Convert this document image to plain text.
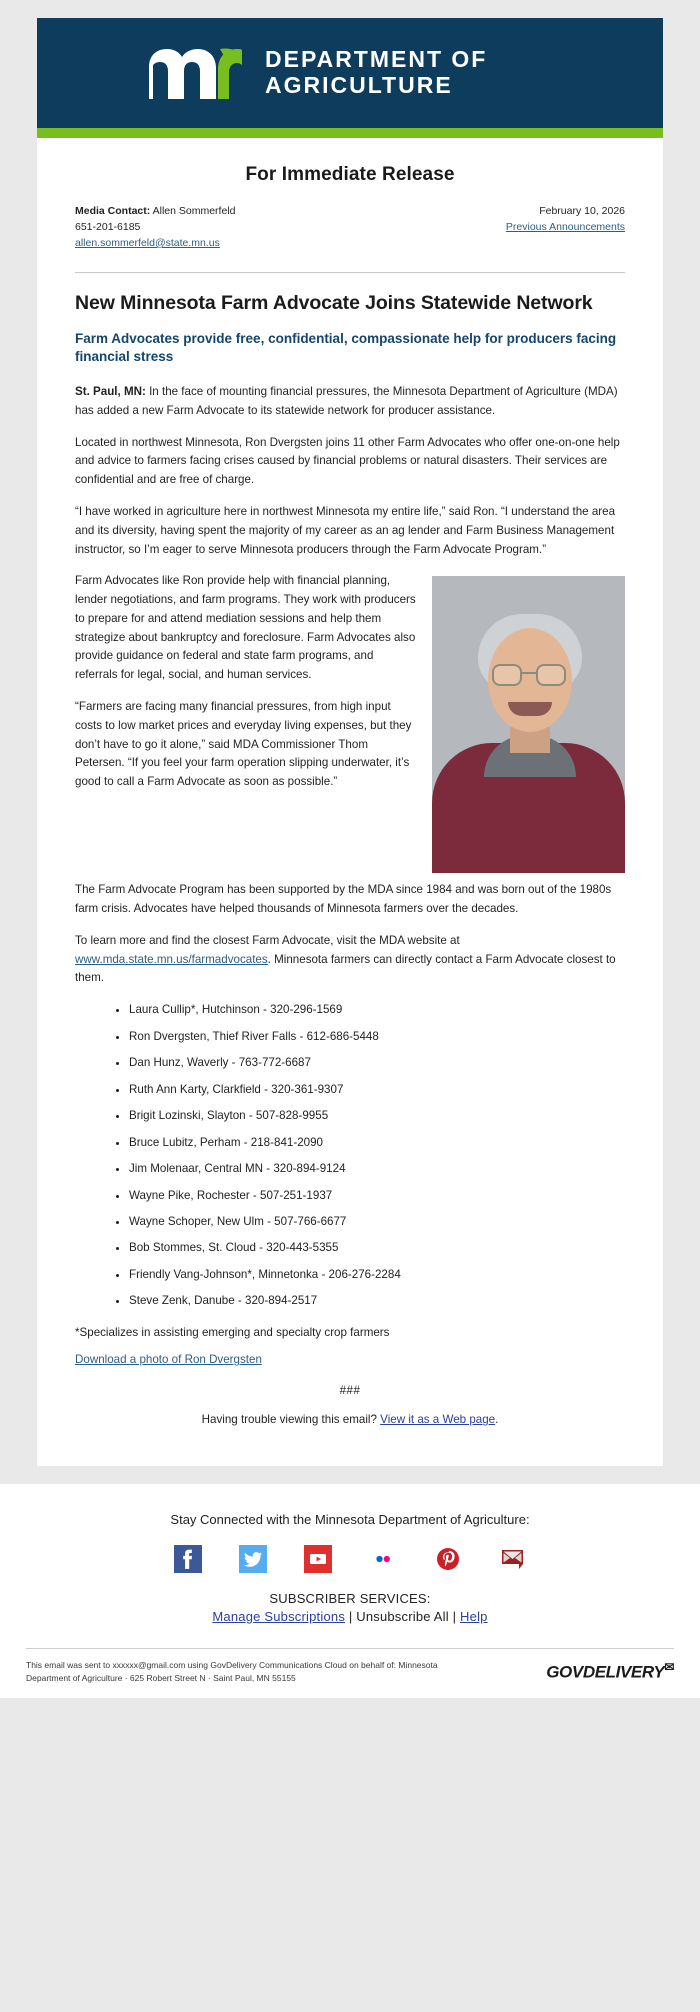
DEPARTMENT OF
AGRICULTURE
For Immediate Release
Media Contact: Allen Sommerfeld
651-201-6185
allen.sommerfeld@state.mn.us
February 10, 2026
Previous Announcements
New Minnesota Farm Advocate Joins Statewide Network
Farm Advocates provide free, confidential, compassionate help for producers facing financial stress

St. Paul, MN: In the face of mounting financial pressures, the Minnesota Department of Agriculture (MDA) has added a new Farm Advocate to its statewide network for producer assistance.

Located in northwest Minnesota, Ron Dvergsten joins 11 other Farm Advocates who offer one-on-one help and advice to farmers facing crises caused by financial problems or natural disasters. Their services are confidential and are free of charge.

“I have worked in agriculture here in northwest Minnesota my entire life,” said Ron. “I understand the area and its diversity, having spent the majority of my career as an ag lender and Farm Business Management instructor, so I’m eager to serve Minnesota producers through the Farm Advocate Program.”

Farm Advocates like Ron provide help with financial planning, lender negotiations, and farm programs. They work with producers to prepare for and attend mediation sessions and help them strategize about bankruptcy and foreclosure. Farm Advocates also provide guidance on federal and state farm programs, and referrals for legal, social, and human services.

“Farmers are facing many financial pressures, from high input costs to low market prices and everyday living expenses, but they don’t have to go it alone,” said MDA Commissioner Thom Petersen. “If you feel your farm operation slipping underwater, it’s good to call a Farm Advocate as soon as possible.”

The Farm Advocate Program has been supported by the MDA since 1984 and was born out of the 1980s farm crisis. Advocates have helped thousands of Minnesota farmers over the decades.

To learn more and find the closest Farm Advocate, visit the MDA website at www.mda.state.mn.us/farmadvocates. Minnesota farmers can directly contact a Farm Advocate closest to them.

• Laura Cullip*, Hutchinson - 320-296-1569
• Ron Dvergsten, Thief River Falls - 612-686-5448
• Dan Hunz, Waverly - 763-772-6687
• Ruth Ann Karty, Clarkfield - 320-361-9307
• Brigit Lozinski, Slayton - 507-828-9955
• Bruce Lubitz, Perham - 218-841-2090
• Jim Molenaar, Central MN - 320-894-9124
• Wayne Pike, Rochester - 507-251-1937
• Wayne Schoper, New Ulm - 507-766-6677
• Bob Stommes, St. Cloud - 320-443-5355
• Friendly Vang-Johnson*, Minnetonka - 206-276-2284
• Steve Zenk, Danube - 320-894-2517

*Specializes in assisting emerging and specialty crop farmers

Download a photo of Ron Dvergsten

###
Having trouble viewing this email? View it as a Web page.
Stay Connected with the Minnesota Department of Agriculture:
SUBSCRIBER SERVICES:
Manage Subscriptions | Unsubscribe All | Help
This email was sent to xxxxxx@gmail.com using GovDelivery Communications Cloud on behalf of: Minnesota
Department of Agriculture · 625 Robert Street N · Saint Paul, MN 55155	GOVDELIVERY✉
